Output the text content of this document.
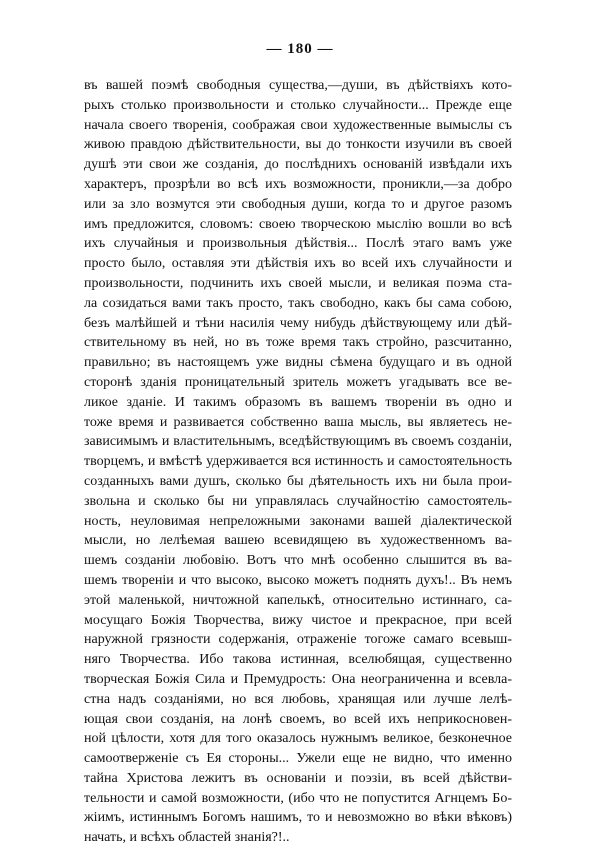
— 180 —
въ вашей поэмѣ свободныя существа,—души, въ дѣйствіяхъ кото-
рыхъ столько произвольности и столько случайности... Прежде еще
начала своего творенія, соображая свои художественные вымыслы съ
живою правдою дѣйствительности, вы до тонкости изучили въ своей
душѣ эти свои же созданія, до послѣднихъ основаній извѣдали ихъ
характеръ, прозрѣли во всѣ ихъ возможности, проникли,—за добро
или за зло возмутся эти свободныя души, когда то и другое разомъ
имъ предложится, словомъ: своею творческою мыслію вошли во всѣ
ихъ случайныя и произвольныя дѣйствія... Послѣ этаго вамъ уже
просто было, оставляя эти дѣйствія ихъ во всей ихъ случайности и
произвольности, подчинить ихъ своей мысли, и великая поэма ста-
ла созидаться вами такъ просто, такъ свободно, какъ бы сама собою,
безъ малѣйшей и тѣни насилія чему нибудь дѣйствующему или дѣй-
ствительному въ ней, но въ тоже время такъ стройно, разсчитанно,
правильно; въ настоящемъ уже видны сѣмена будущаго и въ одной
сторонѣ зданія проницательный зритель можетъ угадывать все ве-
ликое зданіе. И такимъ образомъ въ вашемъ твореніи въ одно и
тоже время и развивается собственно ваша мысль, вы являетесь не-
зависимымъ и властительнымъ, вседѣйствующимъ въ своемъ созданіи,
творцемъ, и вмѣстѣ удерживается вся истинность и самостоятельность
созданныхъ вами душъ, сколько бы дѣятельность ихъ ни была прои-
звольна и сколько бы ни управлялась случайностію самостоятель-
ность, неуловимая непреложными законами вашей діалектической
мысли, но лелѣемая вашею всевидящею въ художественномъ ва-
шемъ созданіи любовію. Вотъ что мнѣ особенно слышится въ ва-
шемъ твореніи и что высоко, высоко можетъ поднять духъ!.. Въ немъ
этой маленькой, ничтожной капелькѣ, относительно истиннаго, са-
мосущаго Божія Творчества, вижу чистое и прекрасное, при всей
наружной грязности содержанія, отраженіе тогоже самаго всевыш-
няго Творчества. Ибо такова истинная, вселюбящая, существенно
творческая Божія Сила и Премудрость: Она неограниченна и всевла-
стна надъ созданіями, но вся любовь, хранящая или лучше лелѣ-
ющая свои созданія, на лонѣ своемъ, во всей ихъ неприкосновен-
ной цѣлости, хотя для того оказалось нужнымъ великое, безконечное
самоотверженіе съ Ея стороны... Ужели еще не видно, что именно
тайна Христова лежитъ въ основаніи и поэзіи, въ всей дѣйстви-
тельности и самой возможности, (ибо что не попустится Агнцемъ Бо-
жіимъ, истиннымъ Богомъ нашимъ, то и невозможно во вѣки вѣковъ)
начать, и всѣхъ областей знанія?!..
